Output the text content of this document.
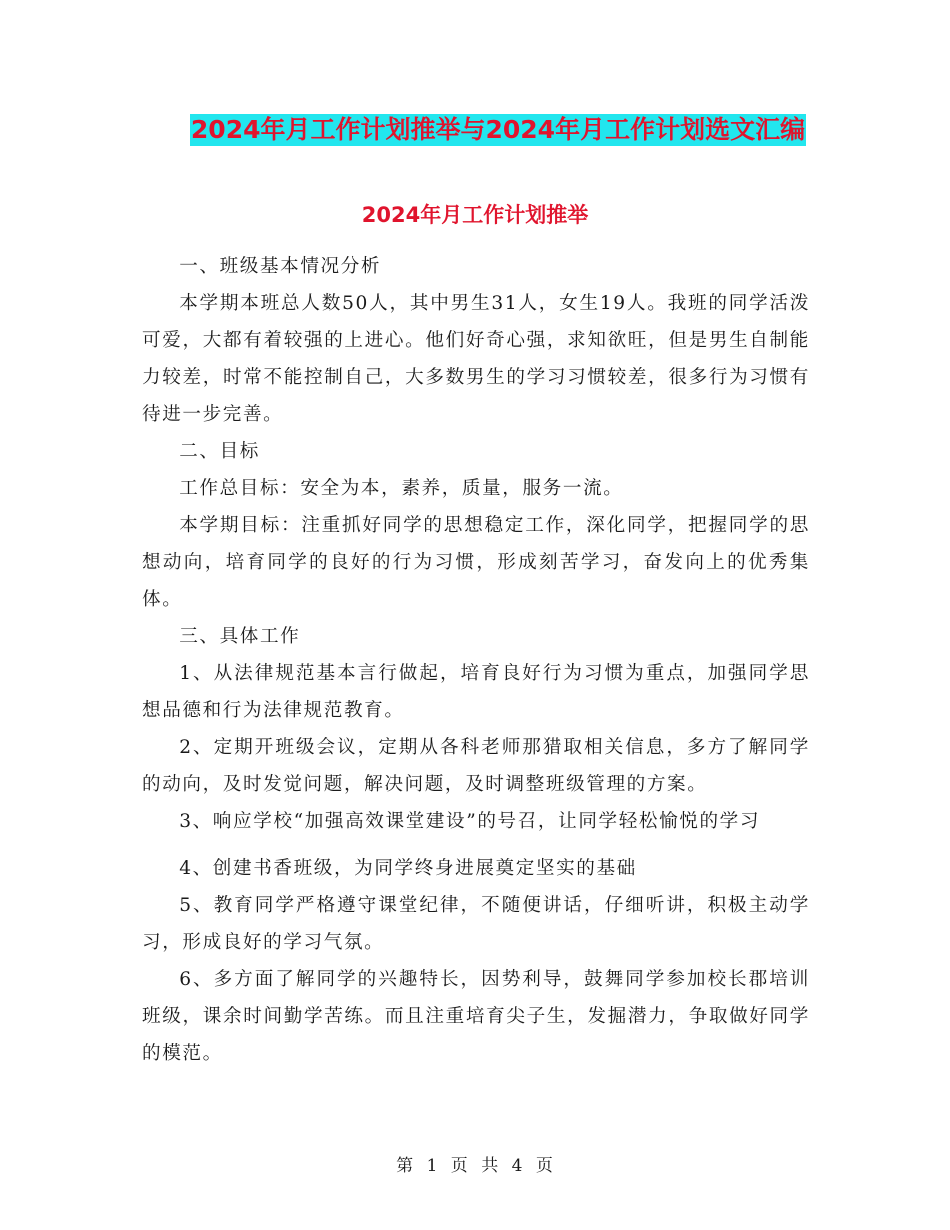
2024年月工作计划推举与2024年月工作计划选文汇编
2024年月工作计划推举

一、班级基本情况分析

本学期本班总人数50人，其中男生31人，女生19人。我班的同学活泼可爱，大都有着较强的上进心。他们好奇心强，求知欲旺，但是男生自制能力较差，时常不能控制自己，大多数男生的学习习惯较差，很多行为习惯有待进一步完善。

二、目标

工作总目标：安全为本，素养，质量，服务一流。

本学期目标：注重抓好同学的思想稳定工作，深化同学，把握同学的思想动向，培育同学的良好的行为习惯，形成刻苦学习，奋发向上的优秀集体。

三、具体工作

1、从法律规范基本言行做起，培育良好行为习惯为重点，加强同学思想品德和行为法律规范教育。

2、定期开班级会议，定期从各科老师那猎取相关信息，多方了解同学的动向，及时发觉问题，解决问题，及时调整班级管理的方案。

3、响应学校“加强高效课堂建设”的号召，让同学轻松愉悦的学习

4、创建书香班级，为同学终身进展奠定坚实的基础

5、教育同学严格遵守课堂纪律，不随便讲话，仔细听讲，积极主动学习，形成良好的学习气氛。

6、多方面了解同学的兴趣特长，因势利导，鼓舞同学参加校长郡培训班级，课余时间勤学苦练。而且注重培育尖子生，发掘潜力，争取做好同学的模范。

第 1 页 共 4 页
